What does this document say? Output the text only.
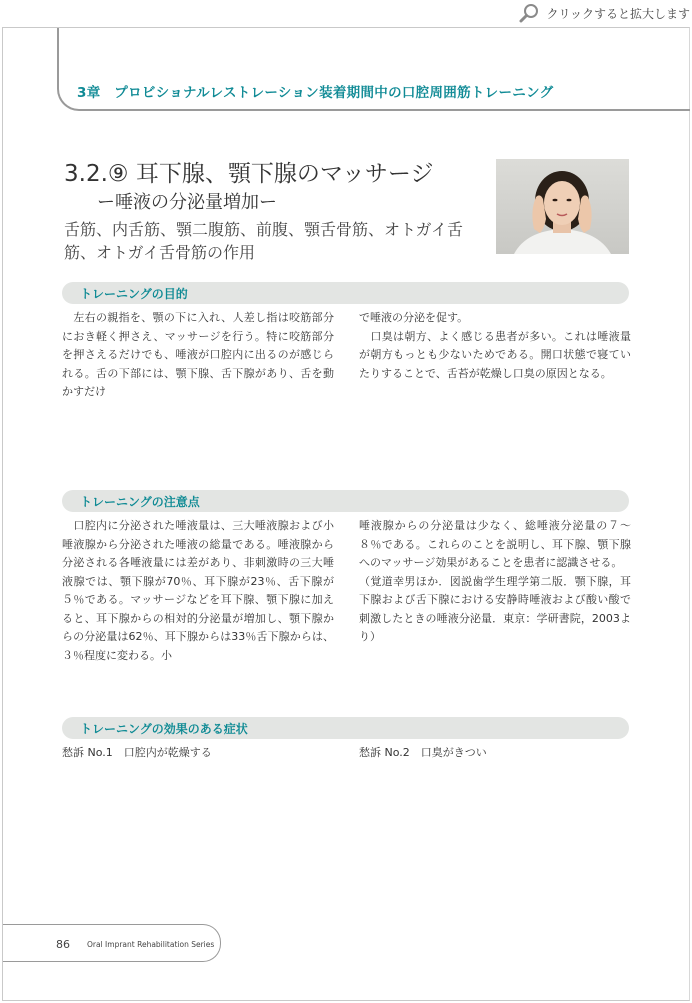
クリックすると拡大します
3章　プロビショナルレストレーション装着期間中の口腔周囲筋トレーニング
3.2.⑨ 耳下腺、顎下腺のマッサージ
ー唾液の分泌量増加ー
舌筋、内舌筋、顎二腹筋、前腹、顎舌骨筋、オトガイ舌筋、オトガイ舌骨筋の作用
トレーニングの目的

　左右の親指を、顎の下に入れ、人差し指は咬筋部分におき軽く押さえ、マッサージを行う。特に咬筋部分を押さえるだけでも、唾液が口腔内に出るのが感じられる。舌の下部には、顎下腺、舌下腺があり、舌を動かすだけ

で唾液の分泌を促す。

　口臭は朝方、よく感じる患者が多い。これは唾液量が朝方もっとも少ないためである。開口状態で寝ていたりすることで、舌苔が乾燥し口臭の原因となる。

トレーニングの注意点

　口腔内に分泌された唾液量は、三大唾液腺および小唾液腺から分泌された唾液の総量である。唾液腺から分泌される各唾液量には差があり、非刺激時の三大唾液腺では、顎下腺が70％、耳下腺が23％、舌下腺が５％である。マッサージなどを耳下腺、顎下腺に加えると、耳下腺からの相対的分泌量が増加し、顎下腺からの分泌量は62％、耳下腺からは33％舌下腺からは、３％程度に変わる。小

唾液腺からの分泌量は少なく、総唾液分泌量の７〜８％である。これらのことを説明し、耳下腺、顎下腺へのマッサージ効果があることを患者に認識させる。

（覚道幸男ほか．図説歯学生理学第二版．顎下腺，耳下腺および舌下腺における安静時唾液および酸い酸で刺激したときの唾液分泌量．東京：学研書院，2003より）

トレーニングの効果のある症状
愁訴 No.1　口腔内が乾燥する	愁訴 No.2　口臭がきつい
86 Oral Imprant Rehabilitation Series
